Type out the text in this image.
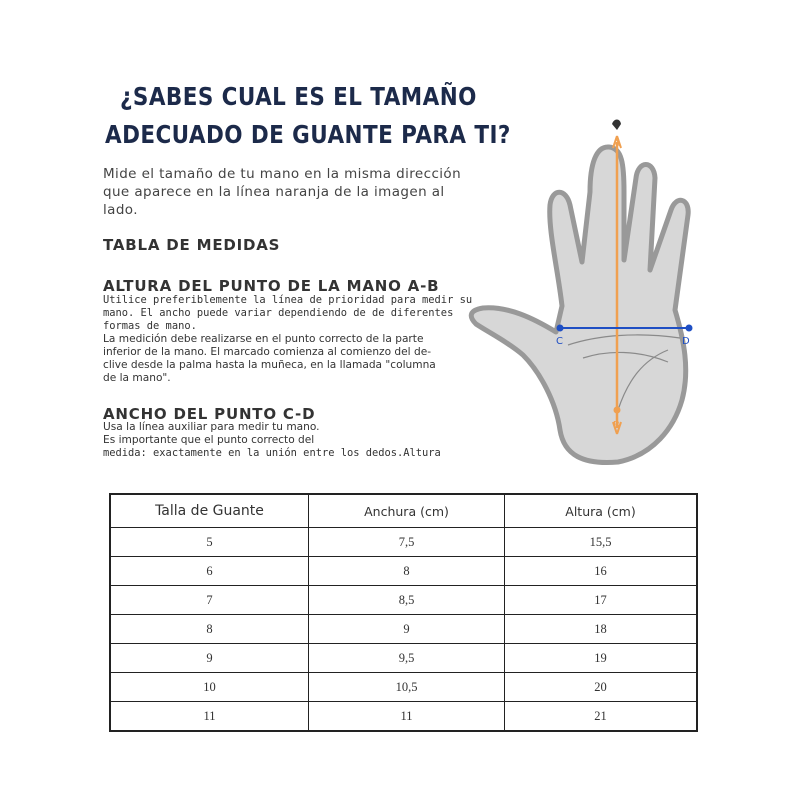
¿SABES CUAL ES EL TAMAÑO
ADECUADO DE GUANTE PARA TI?
Mide el tamaño de tu mano en la misma dirección que aparece en la línea naranja de la imagen al lado.
TABLA DE MEDIDAS
ALTURA DEL PUNTO DE LA MANO A-B

Utilice preferiblemente la línea de prioridad para medir su

mano. El ancho puede variar dependiendo de de diferentes

formas de mano.

La medición debe realizarse en el punto correcto de la parte

inferior de la mano. El marcado comienza al comienzo del de-

clive desde la palma hasta la muñeca, en la llamada "columna

de la mano".

ANCHO DEL PUNTO C-D

Usa la línea auxiliar para medir tu mano.

Es importante que el punto correcto del

medida: exactamente en la unión entre los dedos.Altura

A
B
C	D
Talla de Guante	Anchura (cm)	Altura (cm)
5	7,5	15,5
6	8	16
7	8,5	17
8	9	18
9	9,5	19
10	10,5	20
11	11	21
